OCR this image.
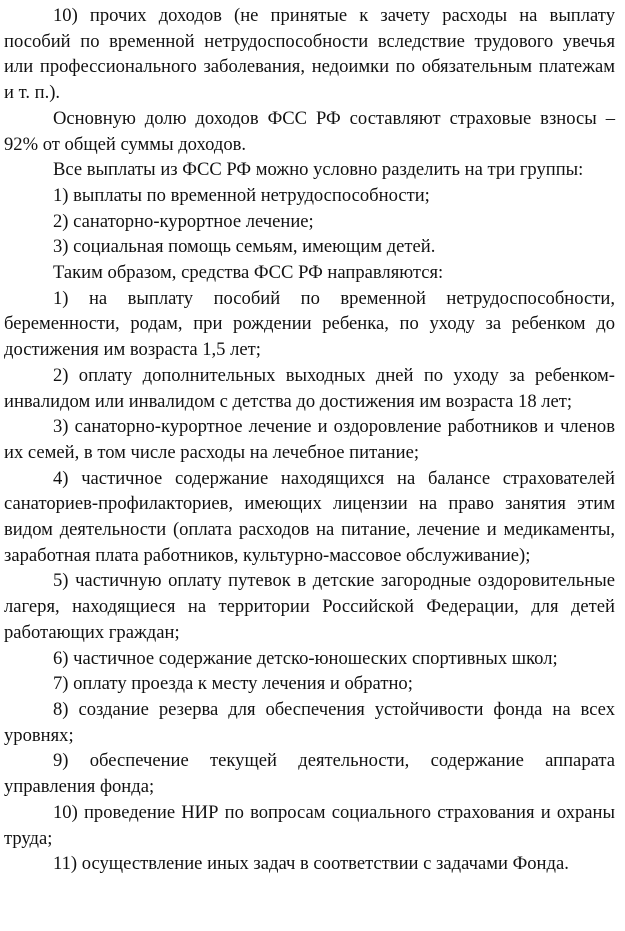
10) прочих доходов (не принятые к зачету расходы на выплату пособий по временной нетрудоспособности вследствие трудового увечья или профессионального заболевания, недоимки по обязательным платежам и т. п.).

Основную долю доходов ФСС РФ составляют страховые взносы – 92% от общей суммы доходов.

Все выплаты из ФСС РФ можно условно разделить на три группы:

1) выплаты по временной нетрудоспособности;

2) санаторно-курортное лечение;

3) социальная помощь семьям, имеющим детей.

Таким образом, средства ФСС РФ направляются:

1) на выплату пособий по временной нетрудоспособности, беременности, родам, при рождении ребенка, по уходу за ребенком до достижения им возраста 1,5 лет;

2) оплату дополнительных выходных дней по уходу за ребенком-инвалидом или инвалидом с детства до достижения им возраста 18 лет;

3) санаторно-курортное лечение и оздоровление работников и членов их семей, в том числе расходы на лечебное питание;

4) частичное содержание находящихся на балансе страхователей санаториев-профилакториев, имеющих лицензии на право занятия этим видом деятельности (оплата расходов на питание, лечение и медикаменты, заработная плата работников, культурно-массовое обслуживание);

5) частичную оплату путевок в детские загородные оздоровительные лагеря, находящиеся на территории Российской Федерации, для детей работающих граждан;

6) частичное содержание детско-юношеских спортивных школ;

7) оплату проезда к месту лечения и обратно;

8) создание резерва для обеспечения устойчивости фонда на всех уровнях;

9) обеспечение текущей деятельности, содержание аппарата управления фонда;

10) проведение НИР по вопросам социального страхования и охраны труда;

11) осуществление иных задач в соответствии с задачами Фонда.
